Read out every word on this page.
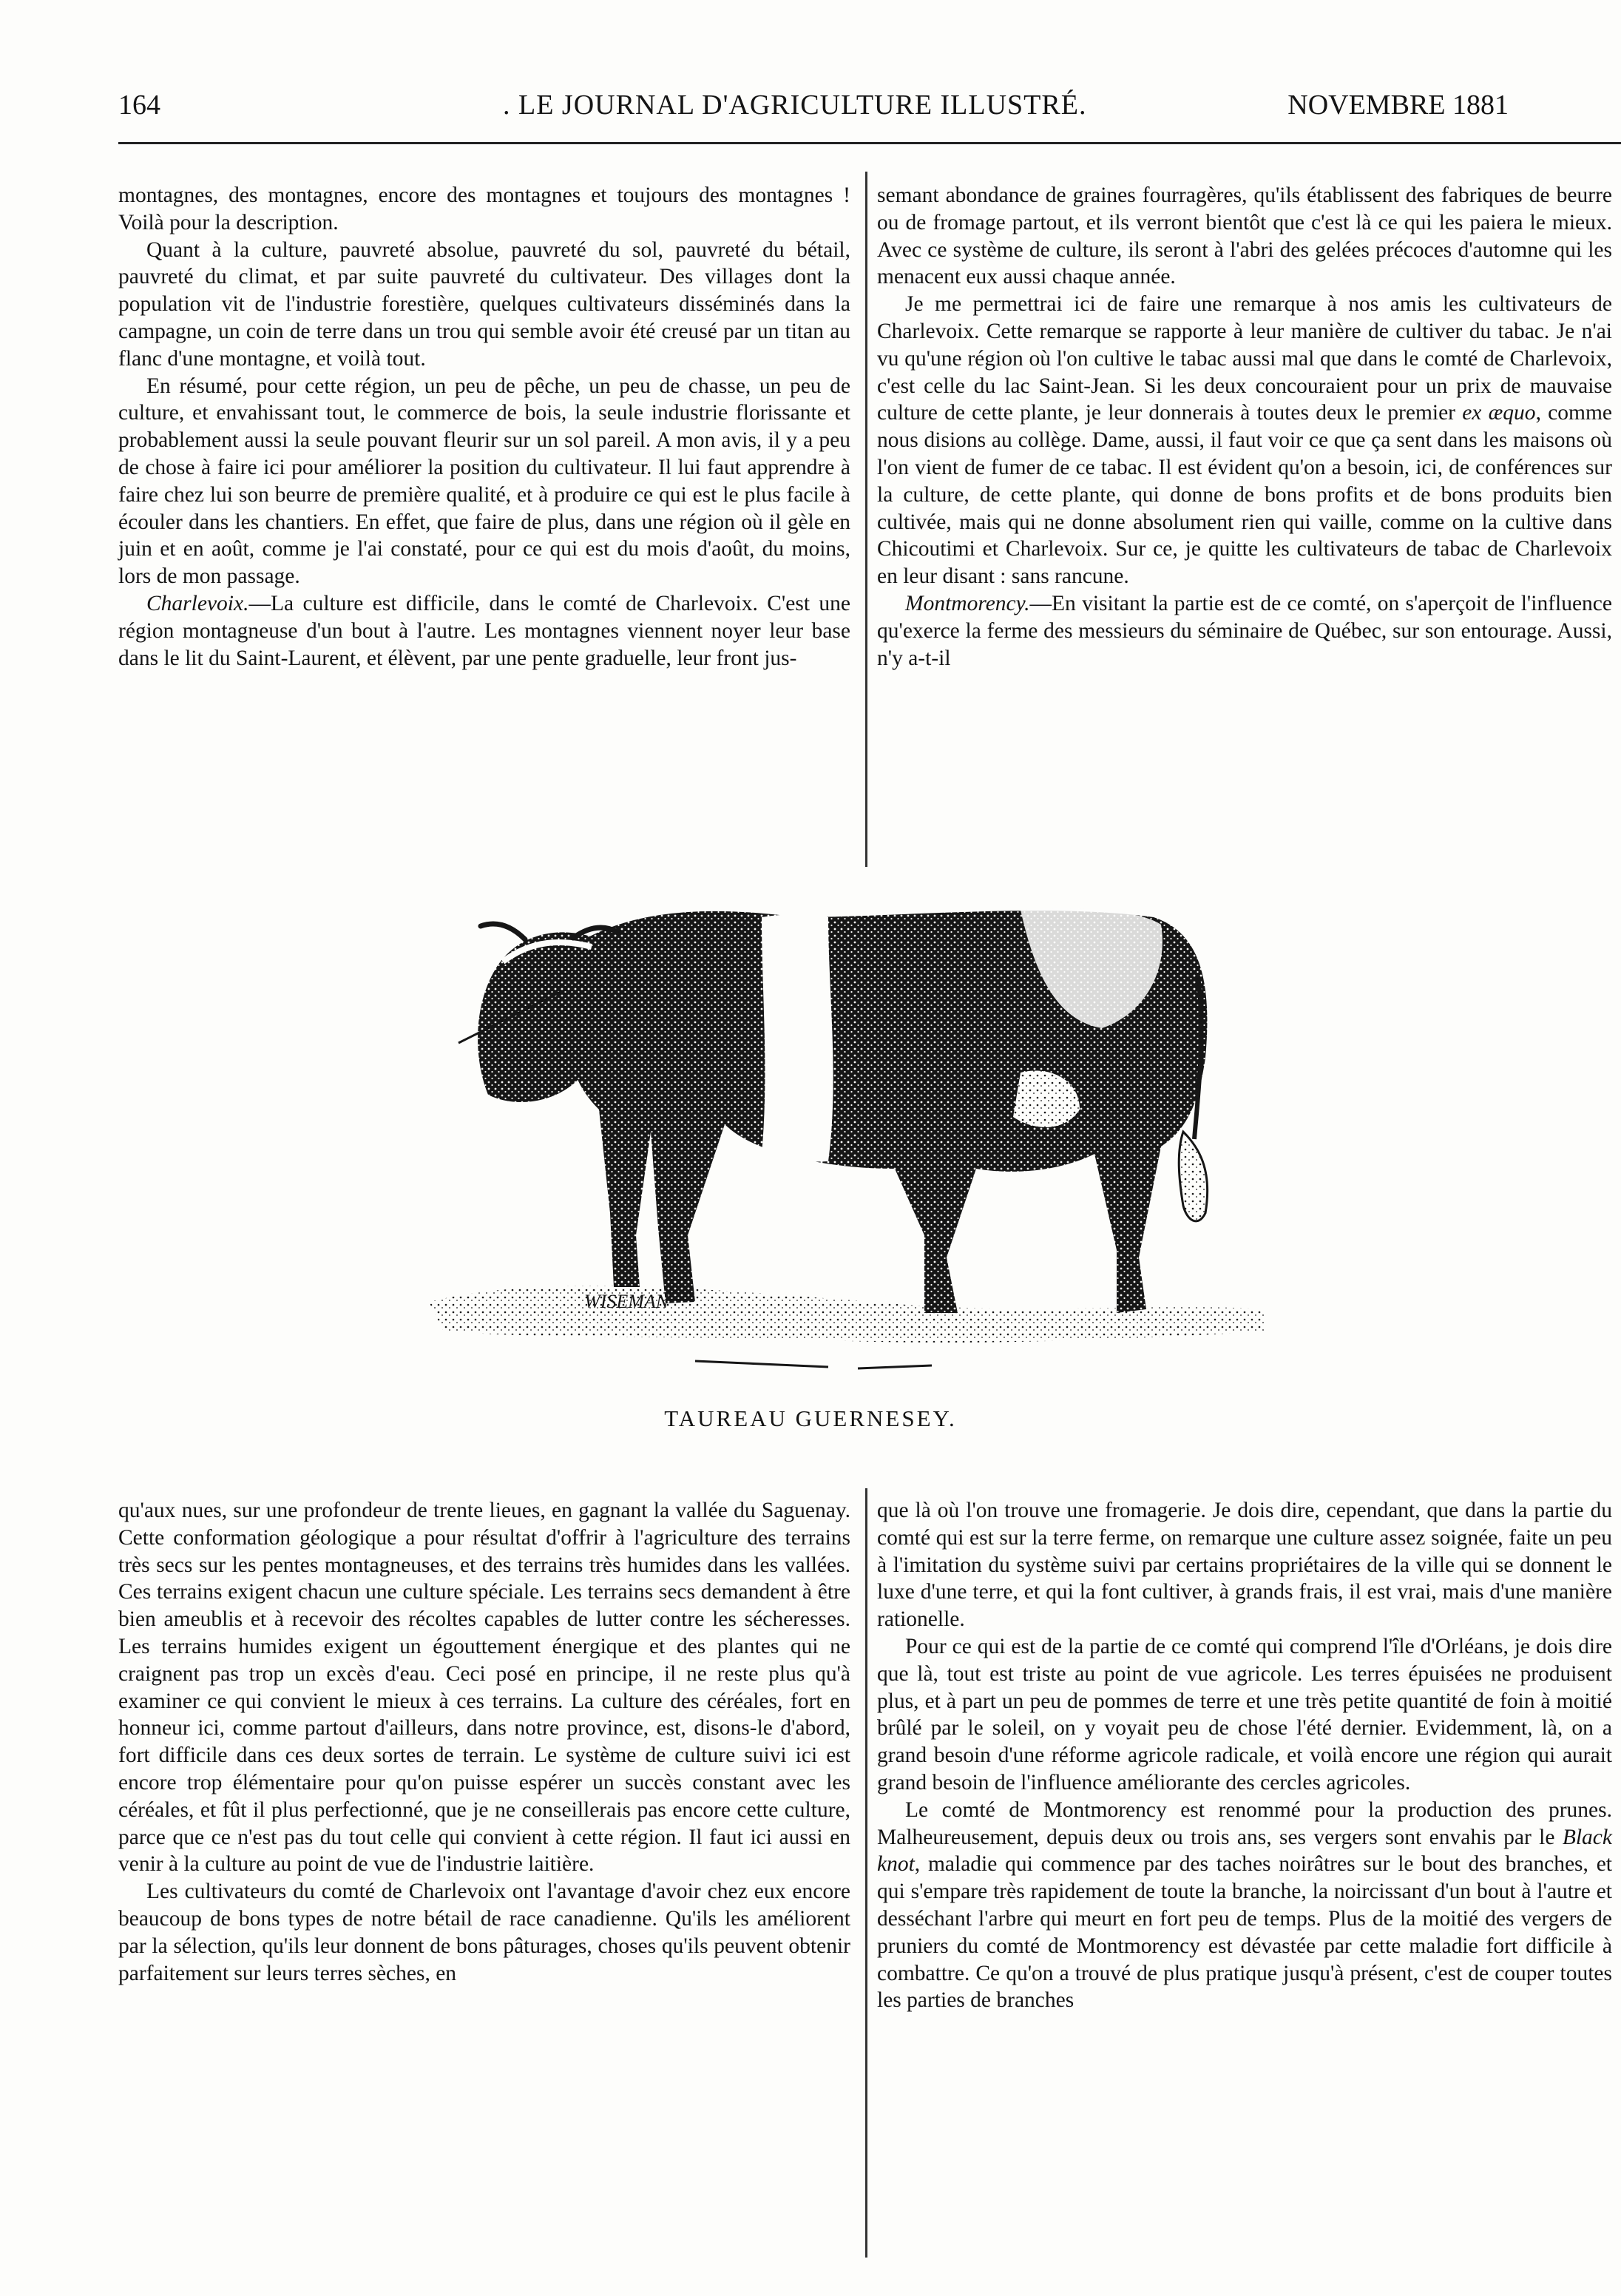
164	. LE JOURNAL D'AGRICULTURE ILLUSTRÉ.	NOVEMBRE 1881

montagnes, des montagnes, encore des montagnes et toujours des montagnes ! Voilà pour la description.

Quant à la culture, pauvreté absolue, pauvreté du sol, pauvreté du bétail, pauvreté du climat, et par suite pauvreté du cultivateur. Des villages dont la population vit de l'industrie forestière, quelques cultivateurs disséminés dans la campagne, un coin de terre dans un trou qui semble avoir été creusé par un titan au flanc d'une montagne, et voilà tout.

En résumé, pour cette région, un peu de pêche, un peu de chasse, un peu de culture, et envahissant tout, le commerce de bois, la seule industrie florissante et probablement aussi la seule pouvant fleurir sur un sol pareil. A mon avis, il y a peu de chose à faire ici pour améliorer la position du cultivateur. Il lui faut apprendre à faire chez lui son beurre de première qualité, et à produire ce qui est le plus facile à écouler dans les chantiers. En effet, que faire de plus, dans une région où il gèle en juin et en août, comme je l'ai constaté, pour ce qui est du mois d'août, du moins, lors de mon passage.

Charlevoix.—La culture est difficile, dans le comté de Charlevoix. C'est une région montagneuse d'un bout à l'autre. Les montagnes viennent noyer leur base dans le lit du Saint-Laurent, et élèvent, par une pente graduelle, leur front jus-

semant abondance de graines fourragères, qu'ils établissent des fabriques de beurre ou de fromage partout, et ils verront bientôt que c'est là ce qui les paiera le mieux. Avec ce système de culture, ils seront à l'abri des gelées précoces d'automne qui les menacent eux aussi chaque année.

Je me permettrai ici de faire une remarque à nos amis les cultivateurs de Charlevoix. Cette remarque se rapporte à leur manière de cultiver du tabac. Je n'ai vu qu'une région où l'on cultive le tabac aussi mal que dans le comté de Charlevoix, c'est celle du lac Saint-Jean. Si les deux concouraient pour un prix de mauvaise culture de cette plante, je leur donnerais à toutes deux le premier ex æquo, comme nous disions au collège. Dame, aussi, il faut voir ce que ça sent dans les maisons où l'on vient de fumer de ce tabac. Il est évident qu'on a besoin, ici, de conférences sur la culture, de cette plante, qui donne de bons profits et de bons produits bien cultivée, mais qui ne donne absolument rien qui vaille, comme on la cultive dans Chicoutimi et Charlevoix. Sur ce, je quitte les cultivateurs de tabac de Charlevoix en leur disant : sans rancune.

Montmorency.—En visitant la partie est de ce comté, on s'aperçoit de l'influence qu'exerce la ferme des messieurs du séminaire de Québec, sur son entourage. Aussi, n'y a-t-il

WISEMAN
TAUREAU GUERNESEY.

qu'aux nues, sur une profondeur de trente lieues, en gagnant la vallée du Saguenay. Cette conformation géologique a pour résultat d'offrir à l'agriculture des terrains très secs sur les pentes montagneuses, et des terrains très humides dans les vallées. Ces terrains exigent chacun une culture spéciale. Les terrains secs demandent à être bien ameublis et à recevoir des récoltes capables de lutter contre les sécheresses. Les terrains humides exigent un égouttement énergique et des plantes qui ne craignent pas trop un excès d'eau. Ceci posé en principe, il ne reste plus qu'à examiner ce qui convient le mieux à ces terrains. La culture des céréales, fort en honneur ici, comme partout d'ailleurs, dans notre province, est, disons-le d'abord, fort difficile dans ces deux sortes de terrain. Le système de culture suivi ici est encore trop élémentaire pour qu'on puisse espérer un succès constant avec les céréales, et fût il plus perfectionné, que je ne conseillerais pas encore cette culture, parce que ce n'est pas du tout celle qui convient à cette région. Il faut ici aussi en venir à la culture au point de vue de l'industrie laitière.

Les cultivateurs du comté de Charlevoix ont l'avantage d'avoir chez eux encore beaucoup de bons types de notre bétail de race canadienne. Qu'ils les améliorent par la sélection, qu'ils leur donnent de bons pâturages, choses qu'ils peuvent obtenir parfaitement sur leurs terres sèches, en

que là où l'on trouve une fromagerie. Je dois dire, cependant, que dans la partie du comté qui est sur la terre ferme, on remarque une culture assez soignée, faite un peu à l'imitation du système suivi par certains propriétaires de la ville qui se donnent le luxe d'une terre, et qui la font cultiver, à grands frais, il est vrai, mais d'une manière rationelle.

Pour ce qui est de la partie de ce comté qui comprend l'île d'Orléans, je dois dire que là, tout est triste au point de vue agricole. Les terres épuisées ne produisent plus, et à part un peu de pommes de terre et une très petite quantité de foin à moitié brûlé par le soleil, on y voyait peu de chose l'été dernier. Evidemment, là, on a grand besoin d'une réforme agricole radicale, et voilà encore une région qui aurait grand besoin de l'influence améliorante des cercles agricoles.

Le comté de Montmorency est renommé pour la production des prunes. Malheureusement, depuis deux ou trois ans, ses vergers sont envahis par le Black knot, maladie qui commence par des taches noirâtres sur le bout des branches, et qui s'empare très rapidement de toute la branche, la noircissant d'un bout à l'autre et desséchant l'arbre qui meurt en fort peu de temps. Plus de la moitié des vergers de pruniers du comté de Montmorency est dévastée par cette maladie fort difficile à combattre. Ce qu'on a trouvé de plus pratique jusqu'à présent, c'est de couper toutes les parties de branches
